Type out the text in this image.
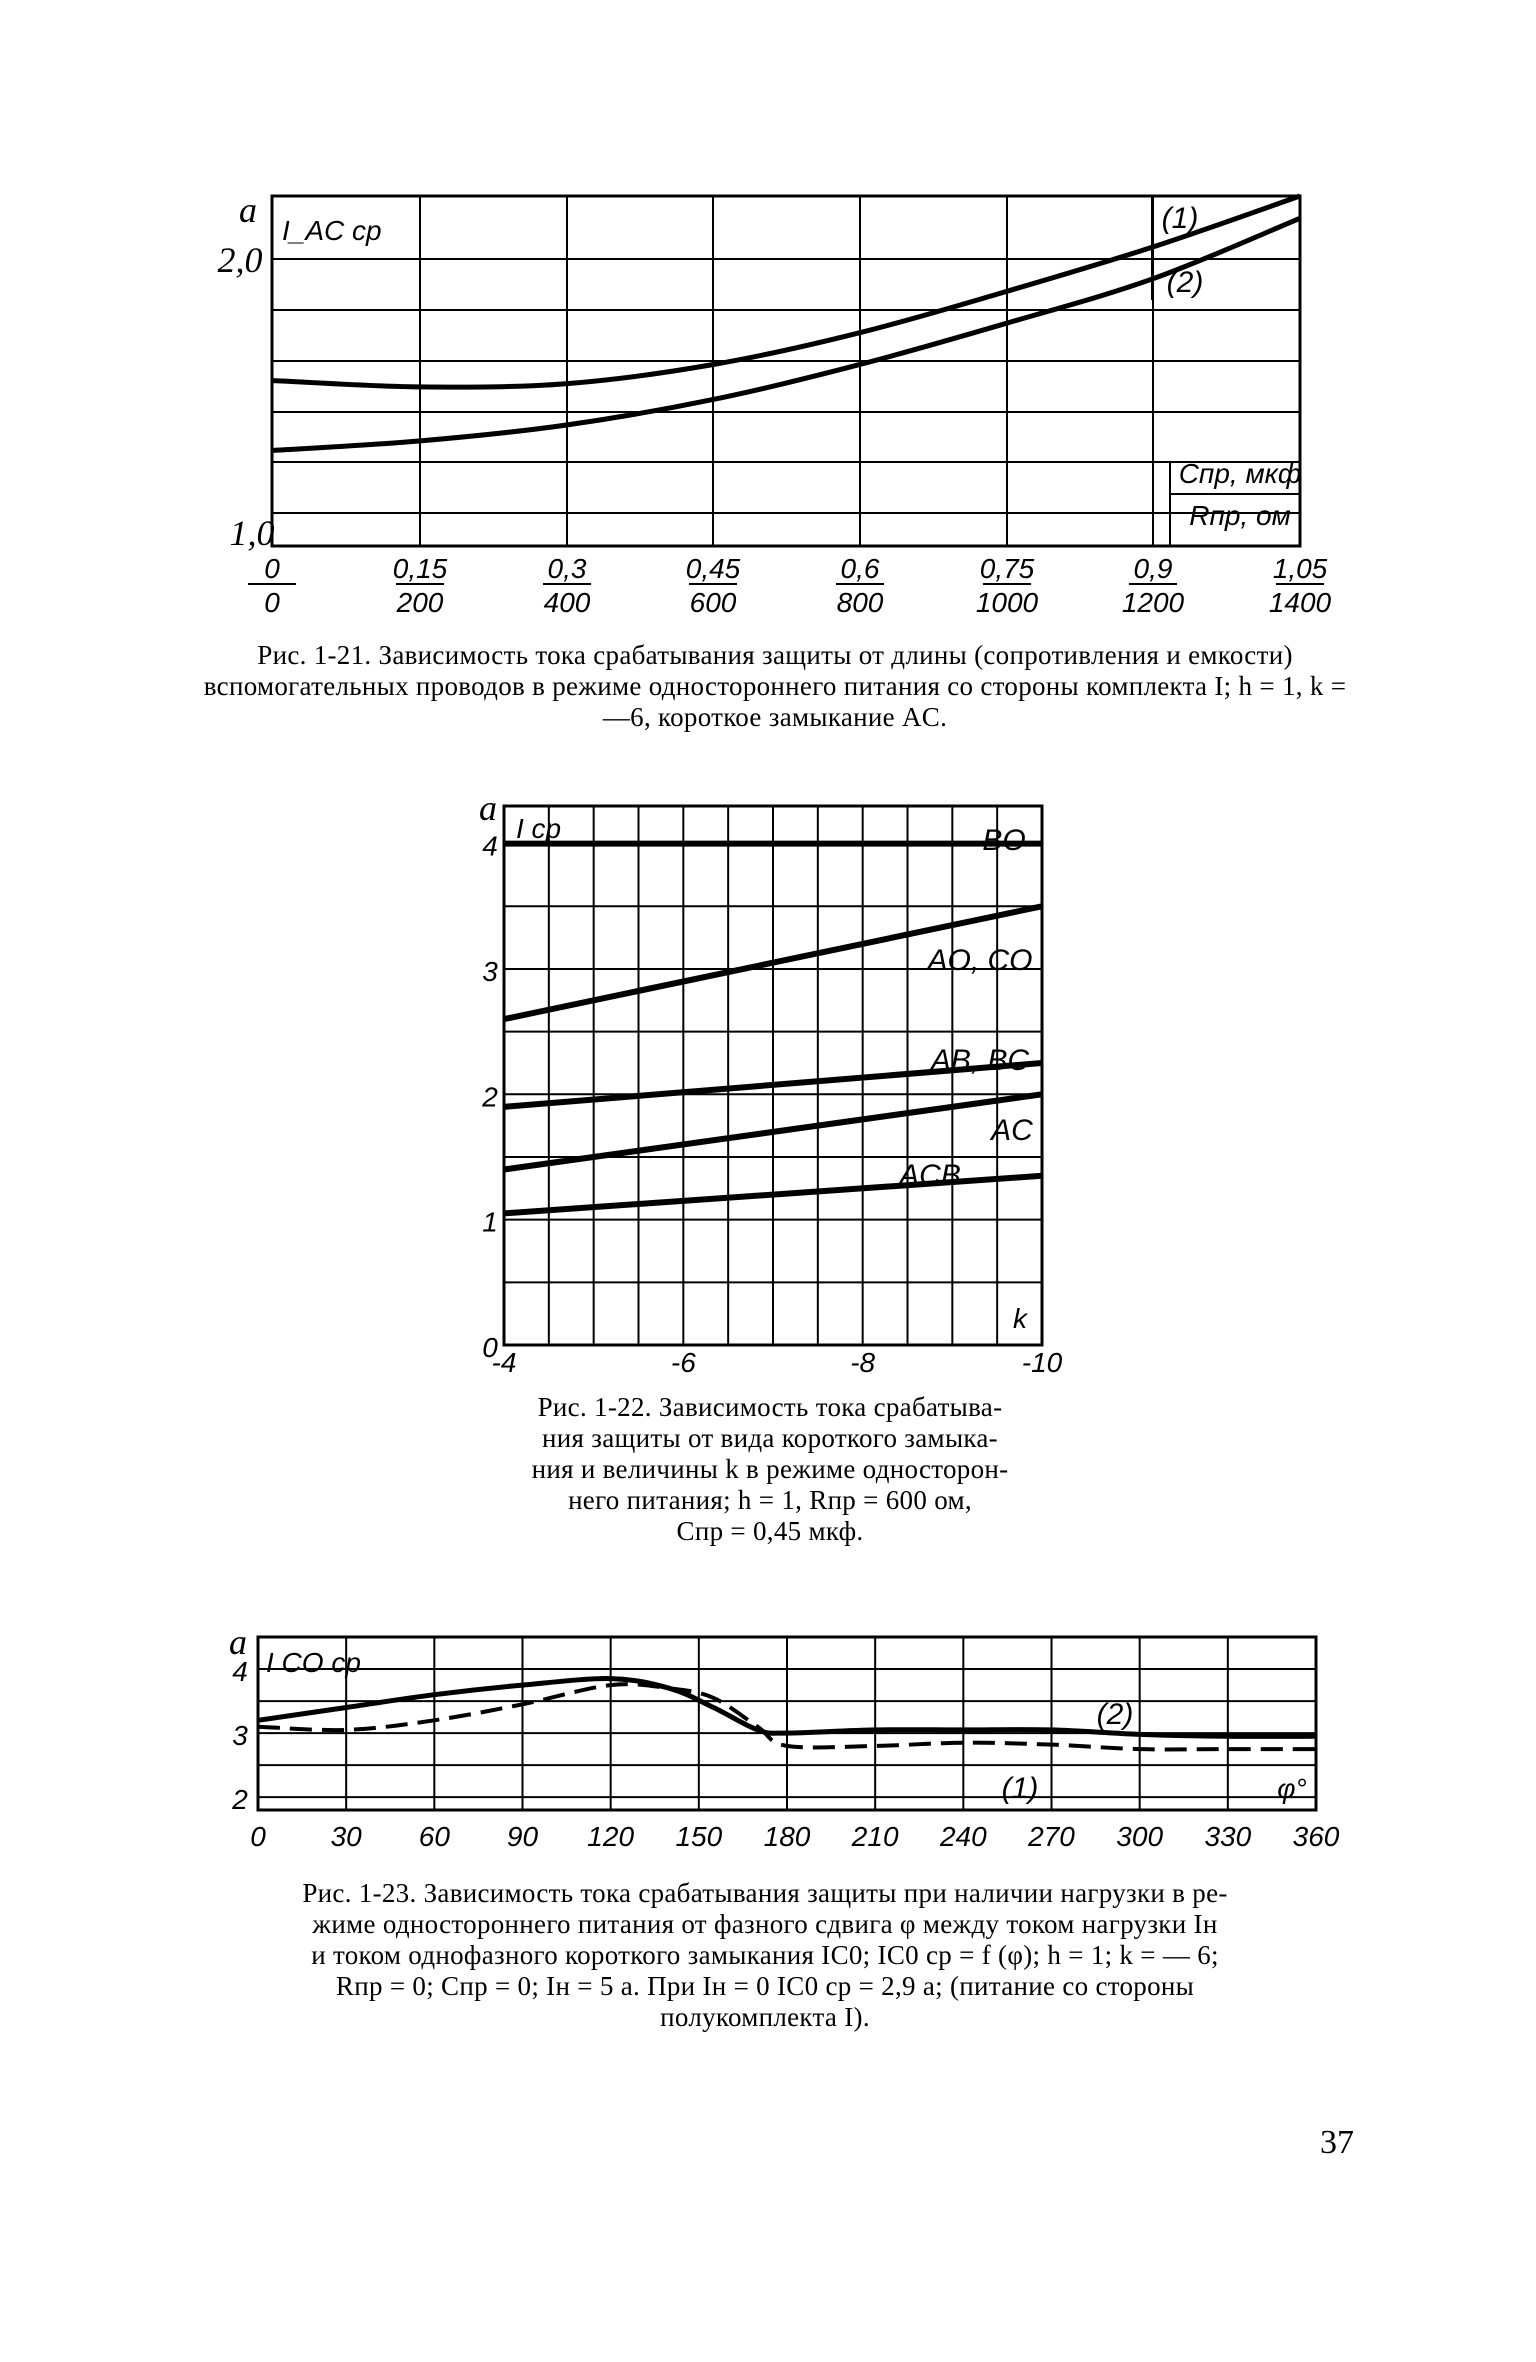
a
2,0
1,0
I_AC ср
0
0
0,15
200
0,3
400
0,45
600
0,6
800
0,75
1000
0,9
1200
1,05
1400
Спр, мкф
Rпр, ом
(1)
(2)
a
4
3
2
1
0
I ср
-4	-6	-8	-10
k
BO
AO, CO
AB, BC
AC
ACB
a
4
3
2
I CO ср
0 30 60 90 120 150 180 210 240 270 300 330 360
φ°
(2)
(1)

Рис. 1-21. Зависимость тока срабатывания защиты от длины (сопротивления и емкости) вспомогательных проводов в режиме одностороннего питания со стороны комплекта I; h = 1, k = —6, короткое замыкание AC.

Рис. 1-22. Зависимость тока срабатыва-

ния защиты от вида короткого замыка-

ния и величины k в режиме односторон-

него питания; h = 1, Rпр = 600 ом,

Cпр = 0,45 мкф.

Рис. 1-23. Зависимость тока срабатывания защиты при наличии нагрузки в ре-

жиме одностороннего питания от фазного сдвига φ между током нагрузки Iн

и током однофазного короткого замыкания IC0; IC0 ср = f (φ); h = 1; k = — 6;

Rпр = 0; Cпр = 0; Iн = 5 a. При Iн = 0 IC0 ср = 2,9 a; (питание со стороны

полукомплекта I).

37
